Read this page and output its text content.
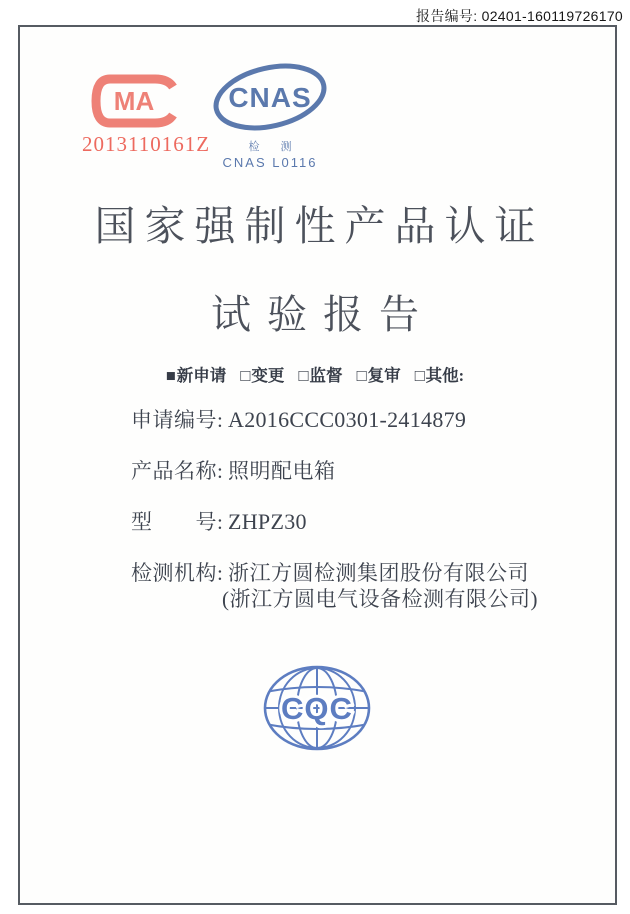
报告编号: 02401-160119726170
MA
2013110161Z
CNAS
检 测
CNAS L0116
国家强制性产品认证
试验报告
■新申请 □变更 □监督 □复审 □其他:
申请编号: A2016CCC0301-2414879
产品名称: 照明配电箱
型　　号: ZHPZ30
检测机构: 浙江方圆检测集团股份有限公司
(浙江方圆电气设备检测有限公司)
CQC
